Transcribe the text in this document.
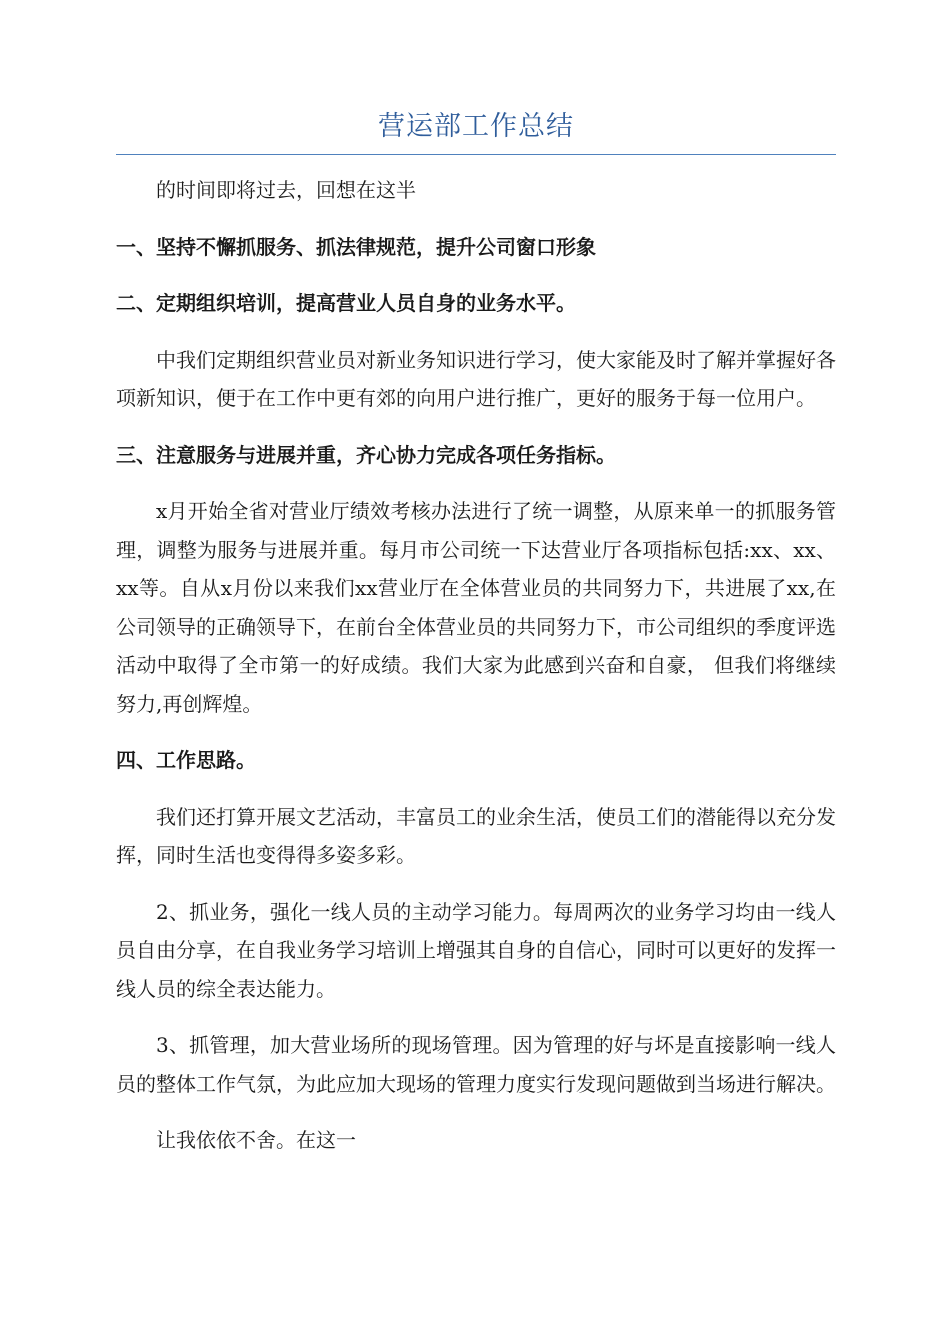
营运部工作总结

的时间即将过去，回想在这半

一、坚持不懈抓服务、抓法律规范，提升公司窗口形象

二、定期组织培训，提高营业人员自身的业务水平。

中我们定期组织营业员对新业务知识进行学习，使大家能及时了解并掌握好各项新知识，便于在工作中更有郊的向用户进行推广，更好的服务于每一位用户。

三、注意服务与进展并重，齐心协力完成各项任务指标。

x月开始全省对营业厅绩效考核办法进行了统一调整，从原来单一的抓服务管理，调整为服务与进展并重。每月市公司统一下达营业厅各项指标包括:xx、xx、xx等。自从x月份以来我们xx营业厅在全体营业员的共同努力下，共进展了xx,在公司领导的正确领导下，在前台全体营业员的共同努力下，市公司组织的季度评选活动中取得了全市第一的好成绩。我们大家为此感到兴奋和自豪， 但我们将继续努力,再创辉煌。

四、工作思路。

我们还打算开展文艺活动，丰富员工的业余生活，使员工们的潜能得以充分发挥，同时生活也变得得多姿多彩。

2、抓业务，强化一线人员的主动学习能力。每周两次的业务学习均由一线人员自由分享，在自我业务学习培训上增强其自身的自信心，同时可以更好的发挥一线人员的综全表达能力。

3、抓管理，加大营业场所的现场管理。因为管理的好与坏是直接影响一线人员的整体工作气氛，为此应加大现场的管理力度实行发现问题做到当场进行解决。

让我依依不舍。在这一
